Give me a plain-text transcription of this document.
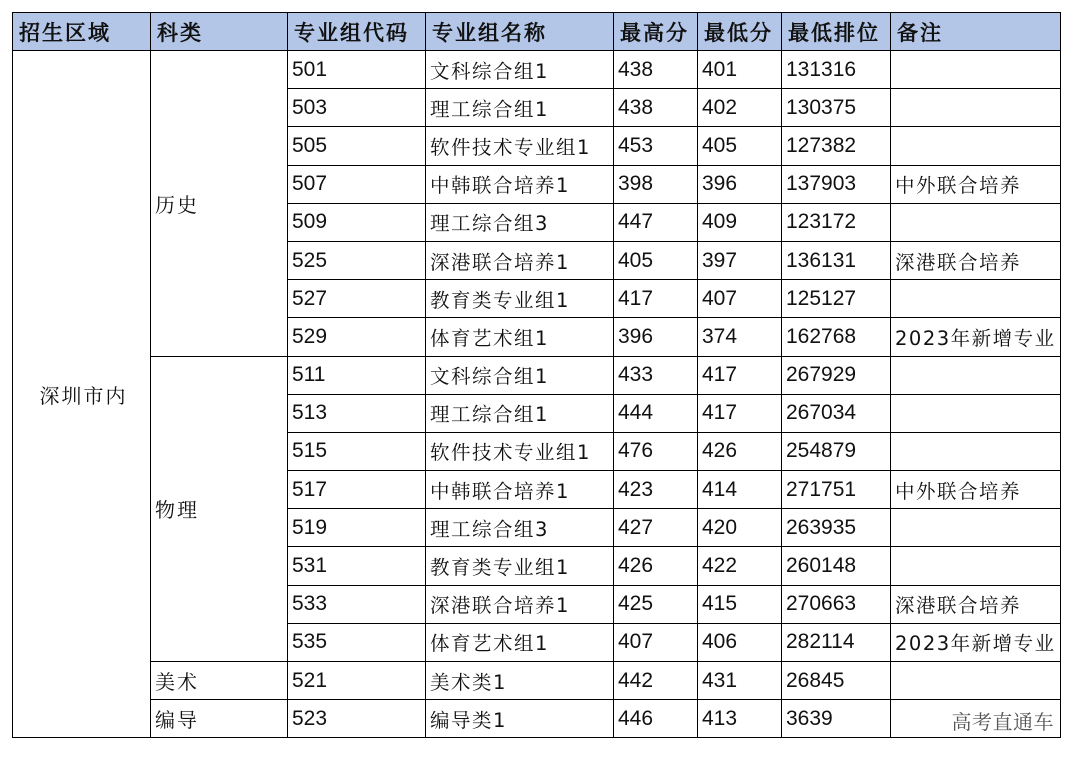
招生区域	科类	专业组代码	专业组名称	最高分	最低分	最低排位	备注
深圳市内	历史	501	文科综合组1	438	401	131316	
		503	理工综合组1	438	402	130375	
		505	软件技术专业组1	453	405	127382	
		507	中韩联合培养1	398	396	137903	中外联合培养
		509	理工综合组3	447	409	123172	
		525	深港联合培养1	405	397	136131	深港联合培养
		527	教育类专业组1	417	407	125127	
		529	体育艺术组1	396	374	162768	2023年新增专业
	物理	511	文科综合组1	433	417	267929	
		513	理工综合组1	444	417	267034	
		515	软件技术专业组1	476	426	254879	
		517	中韩联合培养1	423	414	271751	中外联合培养
		519	理工综合组3	427	420	263935	
		531	教育类专业组1	426	422	260148	
		533	深港联合培养1	425	415	270663	深港联合培养
		535	体育艺术组1	407	406	282114	2023年新增专业
	美术	521	美术类1	442	431	26845	
	编导	523	编导类1	446	413	3639		高考直通车
